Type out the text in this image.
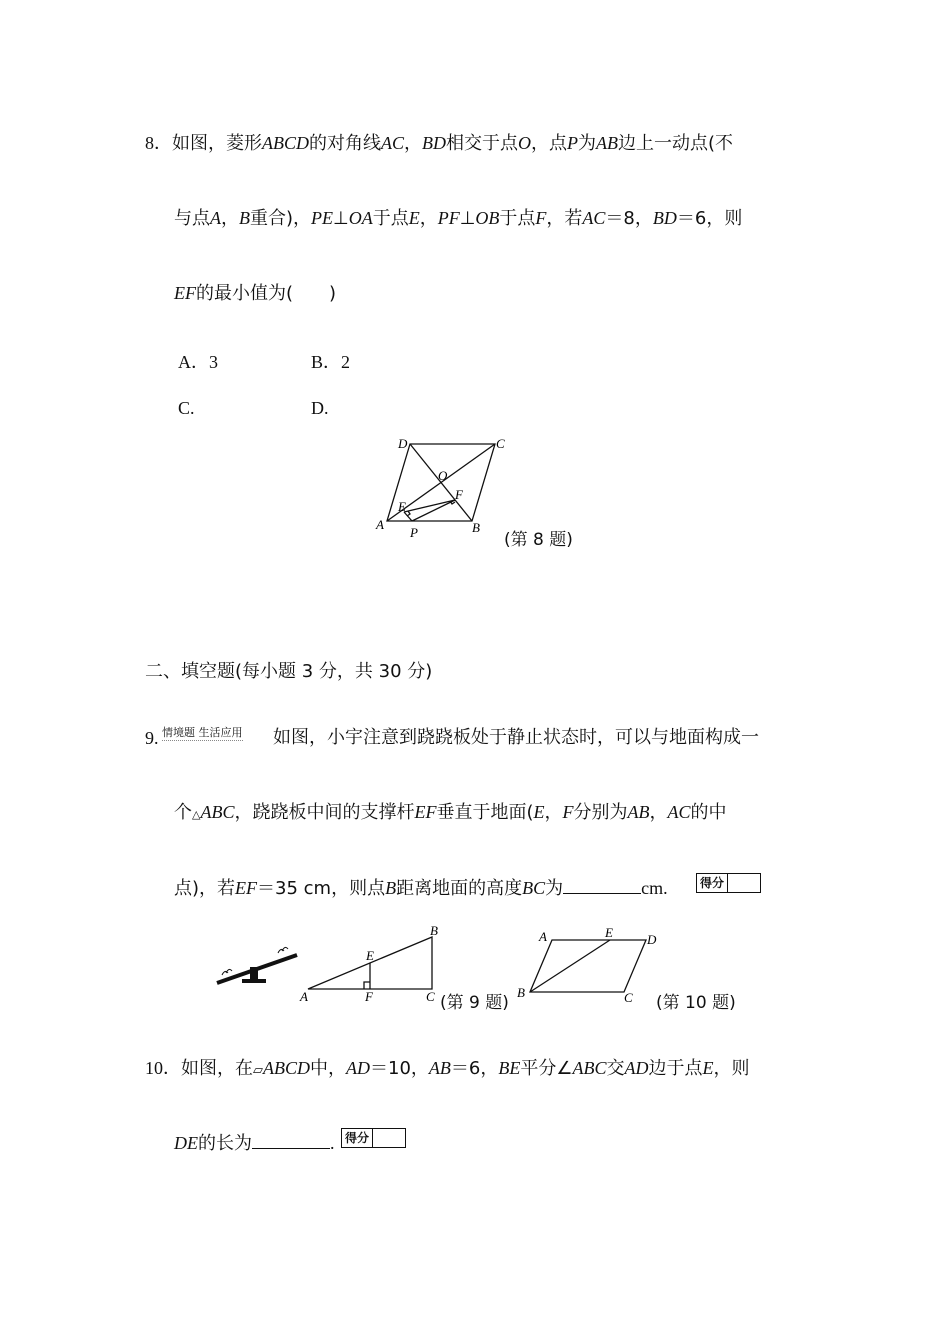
8．如图，菱形ABCD的对角线AC，BD相交于点O，点P为AB边上一动点(不
与点A，B重合)，PE⊥OA于点E，PF⊥OB于点F，若AC＝8，BD＝6，则
EF的最小值为(　　)
A．3	B．2
C.	D.
D	C
O
F
E
A	B
P	(第 8 题)
二、填空题(每小题 3 分，共 30 分)
9. 情境题 生活应用 如图，小宇注意到跷跷板处于静止状态时，可以与地面构成一
个△ABC，跷跷板中间的支撑杆EF垂直于地面(E，F分别为AB，AC的中
点)，若EF＝35 cm，则点B距离地面的高度BC为	cm.	得分
B
E
A	F	C (第 9 题)
A	E	D
B	C (第 10 题)
10．如图，在▱ABCD中，AD＝10，AB＝6，BE平分∠ABC交AD边于点E，则
DE的长为	. 得分
